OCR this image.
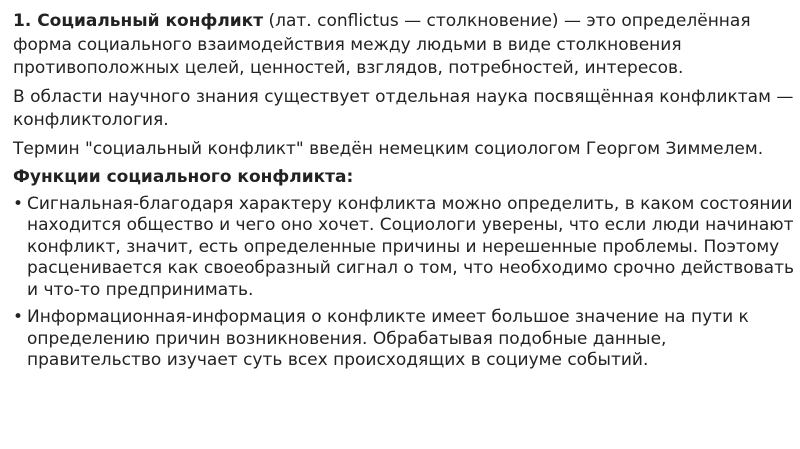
1. Социальный конфликт (лат. conflictus — столкновение) — это определённая форма социального взаимодействия между людьми в виде столкновения противоположных целей, ценностей, взглядов, потребностей, интересов.

В области научного знания существует отдельная наука посвящённая конфликтам — конфликтология.

Термин "социальный конфликт" введён немецким социологом Георгом Зиммелем.

Функции социального конфликта:

• Сигнальная-благодаря характеру конфликта можно определить, в каком состоянии находится общество и чего оно хочет. Социологи уверены, что если люди начинают конфликт, значит, есть определенные причины и нерешенные проблемы. Поэтому расценивается как своеобразный сигнал о том, что необходимо срочно действовать и что-то предпринимать.
• Информационная-информация о конфликте имеет большое значение на пути к определению причин возникновения. Обрабатывая подобные данные, правительство изучает суть всех происходящих в социуме событий.
